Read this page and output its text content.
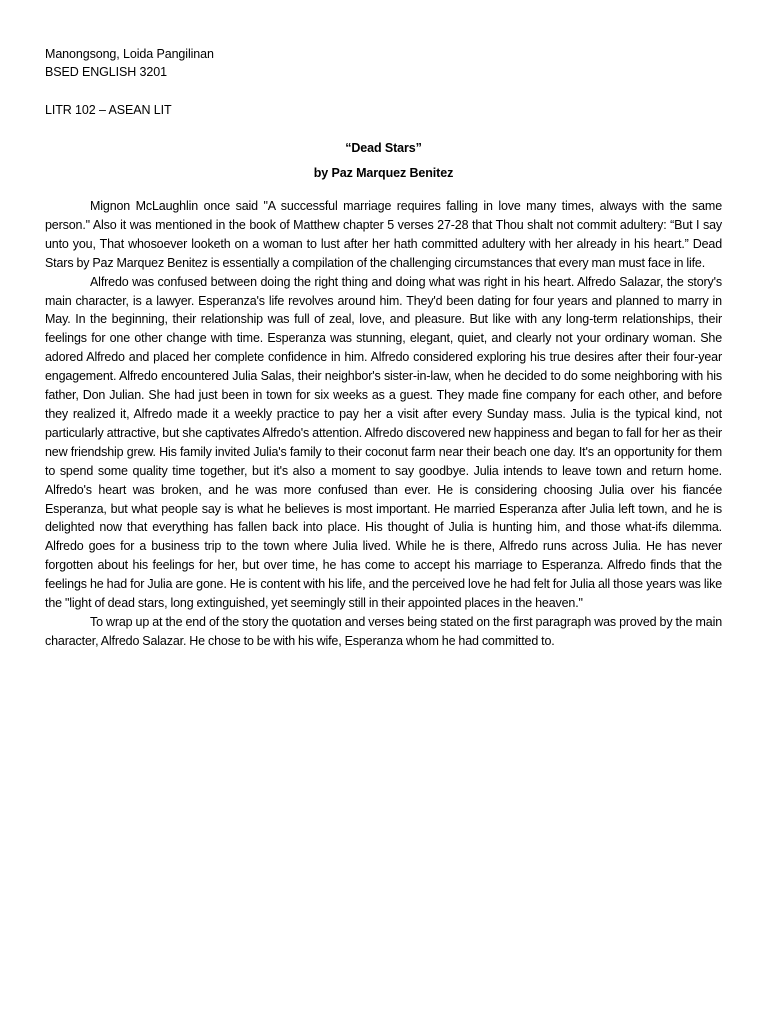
Manongsong, Loida Pangilinan
BSED ENGLISH 3201
LITR 102 – ASEAN LIT
“Dead Stars”
by Paz Marquez Benitez

Mignon McLaughlin once said "A successful marriage requires falling in love many times, always with the same person." Also it was mentioned in the book of Matthew chapter 5 verses 27-28 that Thou shalt not commit adultery: “But I say unto you, That whosoever looketh on a woman to lust after her hath committed adultery with her already in his heart.” Dead Stars by Paz Marquez Benitez is essentially a compilation of the challenging circumstances that every man must face in life.

Alfredo was confused between doing the right thing and doing what was right in his heart. Alfredo Salazar, the story's main character, is a lawyer. Esperanza's life revolves around him. They'd been dating for four years and planned to marry in May. In the beginning, their relationship was full of zeal, love, and pleasure. But like with any long-term relationships, their feelings for one other change with time. Esperanza was stunning, elegant, quiet, and clearly not your ordinary woman. She adored Alfredo and placed her complete confidence in him. Alfredo considered exploring his true desires after their four-year engagement. Alfredo encountered Julia Salas, their neighbor's sister-in-law, when he decided to do some neighboring with his father, Don Julian. She had just been in town for six weeks as a guest. They made fine company for each other, and before they realized it, Alfredo made it a weekly practice to pay her a visit after every Sunday mass. Julia is the typical kind, not particularly attractive, but she captivates Alfredo's attention. Alfredo discovered new happiness and began to fall for her as their new friendship grew. His family invited Julia's family to their coconut farm near their beach one day. It's an opportunity for them to spend some quality time together, but it's also a moment to say goodbye. Julia intends to leave town and return home. Alfredo's heart was broken, and he was more confused than ever. He is considering choosing Julia over his fiancée Esperanza, but what people say is what he believes is most important. He married Esperanza after Julia left town, and he is delighted now that everything has fallen back into place. His thought of Julia is hunting him, and those what-ifs dilemma. Alfredo goes for a business trip to the town where Julia lived. While he is there, Alfredo runs across Julia. He has never forgotten about his feelings for her, but over time, he has come to accept his marriage to Esperanza. Alfredo finds that the feelings he had for Julia are gone. He is content with his life, and the perceived love he had felt for Julia all those years was like the "light of dead stars, long extinguished, yet seemingly still in their appointed places in the heaven."

To wrap up at the end of the story the quotation and verses being stated on the first paragraph was proved by the main character, Alfredo Salazar. He chose to be with his wife, Esperanza whom he had committed to.
